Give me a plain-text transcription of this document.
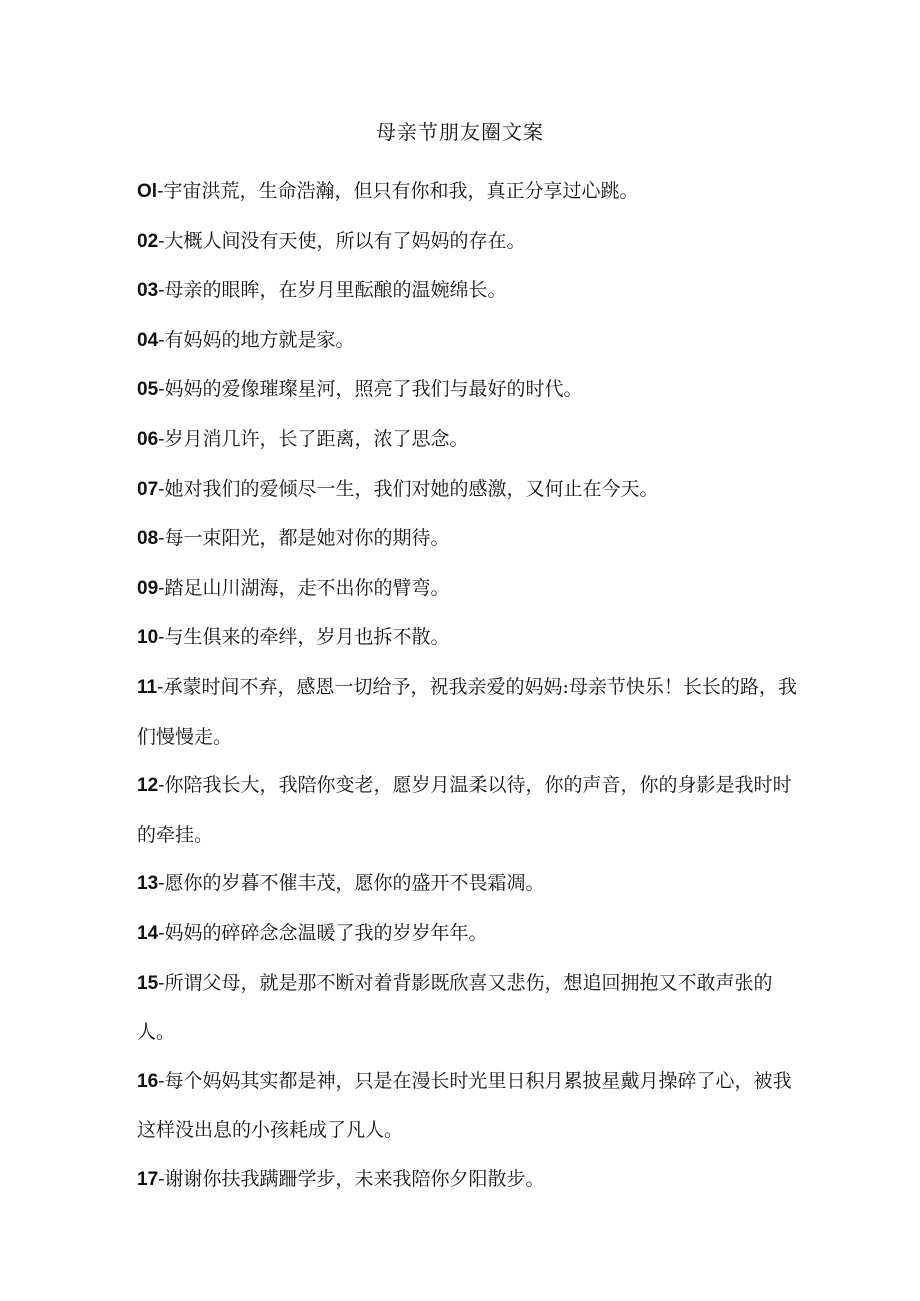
母亲节朋友圈文案

Ol-宇宙洪荒，生命浩瀚，但只有你和我，真正分享过心跳。

02-大概人间没有天使，所以有了妈妈的存在。

03-母亲的眼眸，在岁月里酝酿的温婉绵长。

04-有妈妈的地方就是家。

05-妈妈的爱像璀璨星河，照亮了我们与最好的时代。

06-岁月消几许，长了距离，浓了思念。

07-她对我们的爱倾尽一生，我们对她的感激，又何止在今天。

08-每一束阳光，都是她对你的期待。

09-踏足山川湖海，走不出你的臂弯。

10-与生俱来的牵绊，岁月也拆不散。

11-承蒙时间不弃，感恩一切给予，祝我亲爱的妈妈:母亲节快乐！长长的路，我们慢慢走。

12-你陪我长大，我陪你变老，愿岁月温柔以待，你的声音，你的身影是我时时的牵挂。

13-愿你的岁暮不催丰茂，愿你的盛开不畏霜凋。

14-妈妈的碎碎念念温暖了我的岁岁年年。

15-所谓父母，就是那不断对着背影既欣喜又悲伤，想追回拥抱又不敢声张的人。

16-每个妈妈其实都是神，只是在漫长时光里日积月累披星戴月操碎了心，被我这样没出息的小孩耗成了凡人。

17-谢谢你扶我蹒跚学步，未来我陪你夕阳散步。
